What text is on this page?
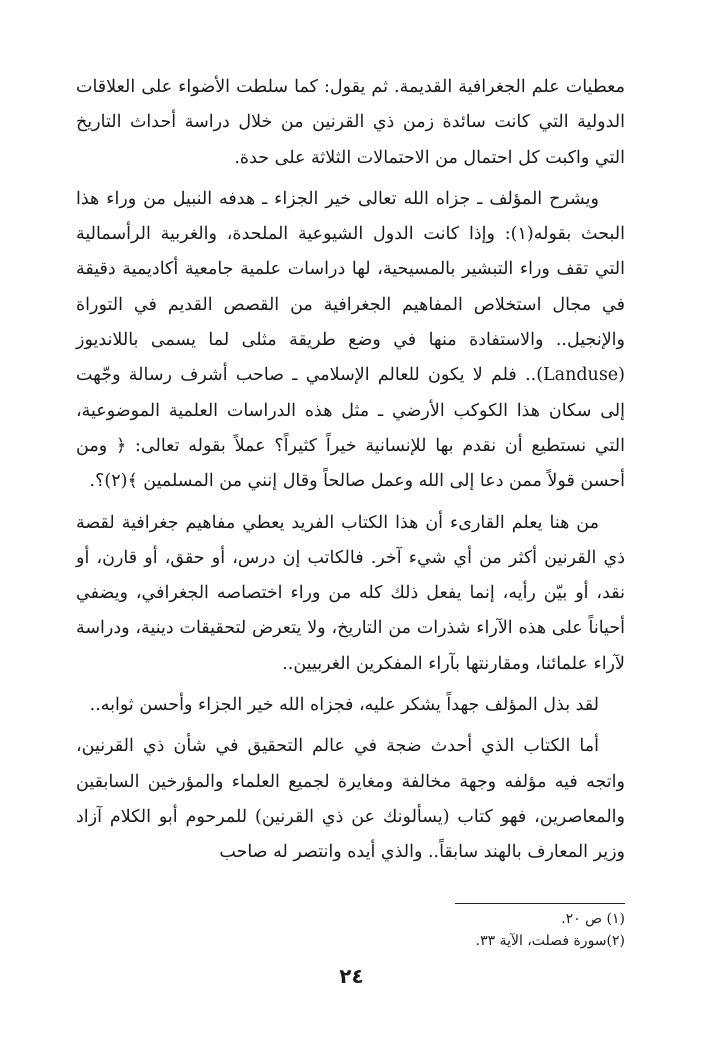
معطيات علم الجغرافية القديمة. ثم يقول: كما سلطت الأضواء على العلاقات الدولية التي كانت سائدة زمن ذي القرنين من خلال دراسة أحداث التاريخ التي واكبت كل احتمال من الاحتمالات الثلاثة على حدة.

ويشرح المؤلف ـ جزاه الله تعالى خير الجزاء ـ هدفه النبيل من وراء هذا البحث بقوله(١): وإذا كانت الدول الشيوعية الملحدة، والغربية الرأسمالية التي تقف وراء التبشير بالمسيحية، لها دراسات علمية جامعية أكاديمية دقيقة في مجال استخلاص المفاهيم الجغرافية من القصص القديم في التوراة والإنجيل.. والاستفادة منها في وضع طريقة مثلى لما يسمى باللانديوز (Landuse).. فلم لا يكون للعالم الإسلامي ـ صاحب أشرف رسالة وجّهت إلى سكان هذا الكوكب الأرضي ـ مثل هذه الدراسات العلمية الموضوعية، التي نستطيع أن نقدم بها للإنسانية خيراً كثيراً؟ عملاً بقوله تعالى: ﴿ ومن أحسن قولاً ممن دعا إلى الله وعمل صالحاً وقال إنني من المسلمين ﴾(٢)؟.

من هنا يعلم القارىء أن هذا الكتاب الفريد يعطي مفاهيم جغرافية لقصة ذي القرنين أكثر من أي شيء آخر. فالكاتب إن درس، أو حقق، أو قارن، أو نقد، أو بيّن رأيه، إنما يفعل ذلك كله من وراء اختصاصه الجغرافي، ويضفي أحياناً على هذه الآراء شذرات من التاريخ، ولا يتعرض لتحقيقات دينية، ودراسة لآراء علمائنا، ومقارنتها بآراء المفكرين الغربيين..

لقد بذل المؤلف جهداً يشكر عليه، فجزاه الله خير الجزاء وأحسن ثوابه..

أما الكتاب الذي أحدث ضجة في عالم التحقيق في شأن ذي القرنين، واتجه فيه مؤلفه وجهة مخالفة ومغايرة لجميع العلماء والمؤرخين السابقين والمعاصرين، فهو كتاب (يسألونك عن ذي القرنين) للمرحوم أبو الكلام آزاد وزير المعارف بالهند سابقاً.. والذي أيده وانتصر له صاحب

(١) ص ٢٠.
(٢)سورة فصلت، الآية ٣٣.
٢٤
